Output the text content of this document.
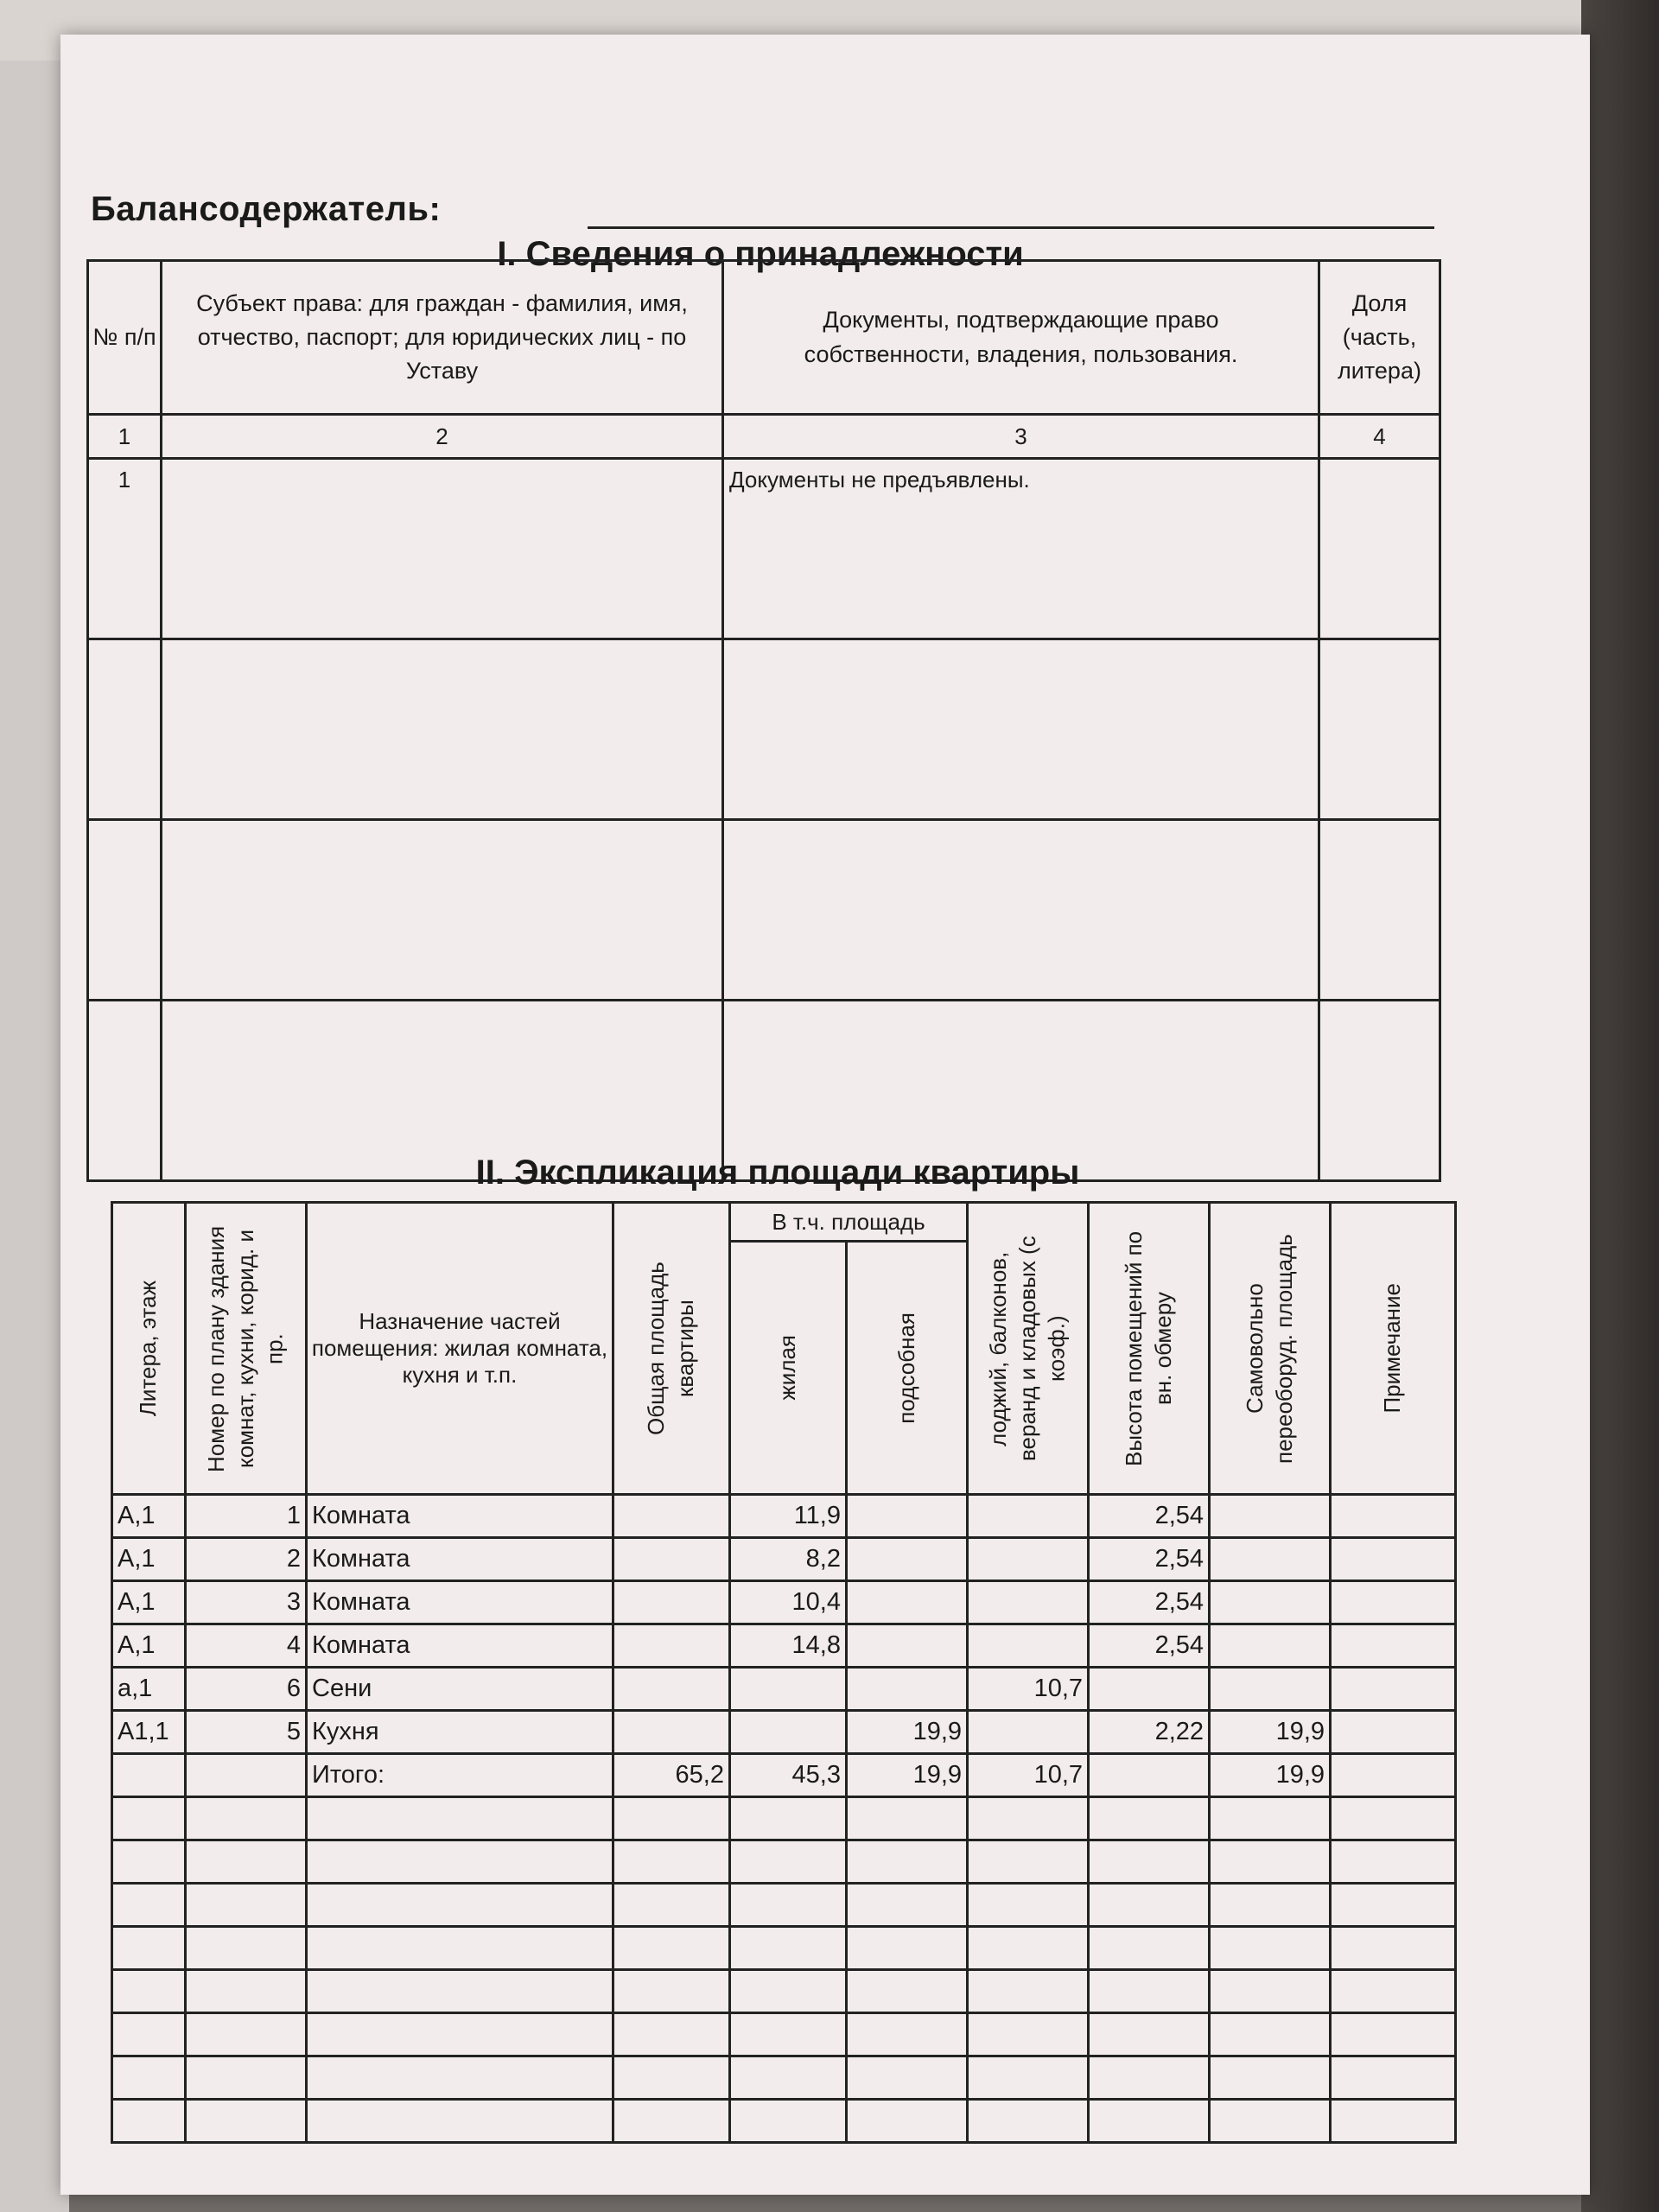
Балансодержатель:
I. Сведения о принадлежности
№ п/п	Субъект права: для граждан - фамилия, имя, отчество, паспорт; для юридических лиц - по Уставу	Документы, подтверждающие право собственности, владения, пользования.	Доля (часть, литера)
1	2	3	4
1		Документы не предъявлены.	

II. Экспликация площади квартиры
Литера, этаж	Номер по плану здания комнат, кухни, корид. и пр.	Назначение частей помещения: жилая комната, кухня и т.п.	Общая площадь квартиры	В т.ч. площадь		лоджий, балконов, веранд и кладовых (с коэф.)	Высота помещений по вн. обмеру	Самовольно переоборуд. площадь	Примечание

				жилая	подсобная				

А,1	1	Комната		11,9			2,54		
А,1	2	Комната		8,2			2,54		
А,1	3	Комната		10,4			2,54		
А,1	4	Комната		14,8			2,54		
а,1	6	Сени				10,7			
А1,1	5	Кухня			19,9		2,22	19,9	
		Итого:	65,2	45,3	19,9	10,7		19,9	
